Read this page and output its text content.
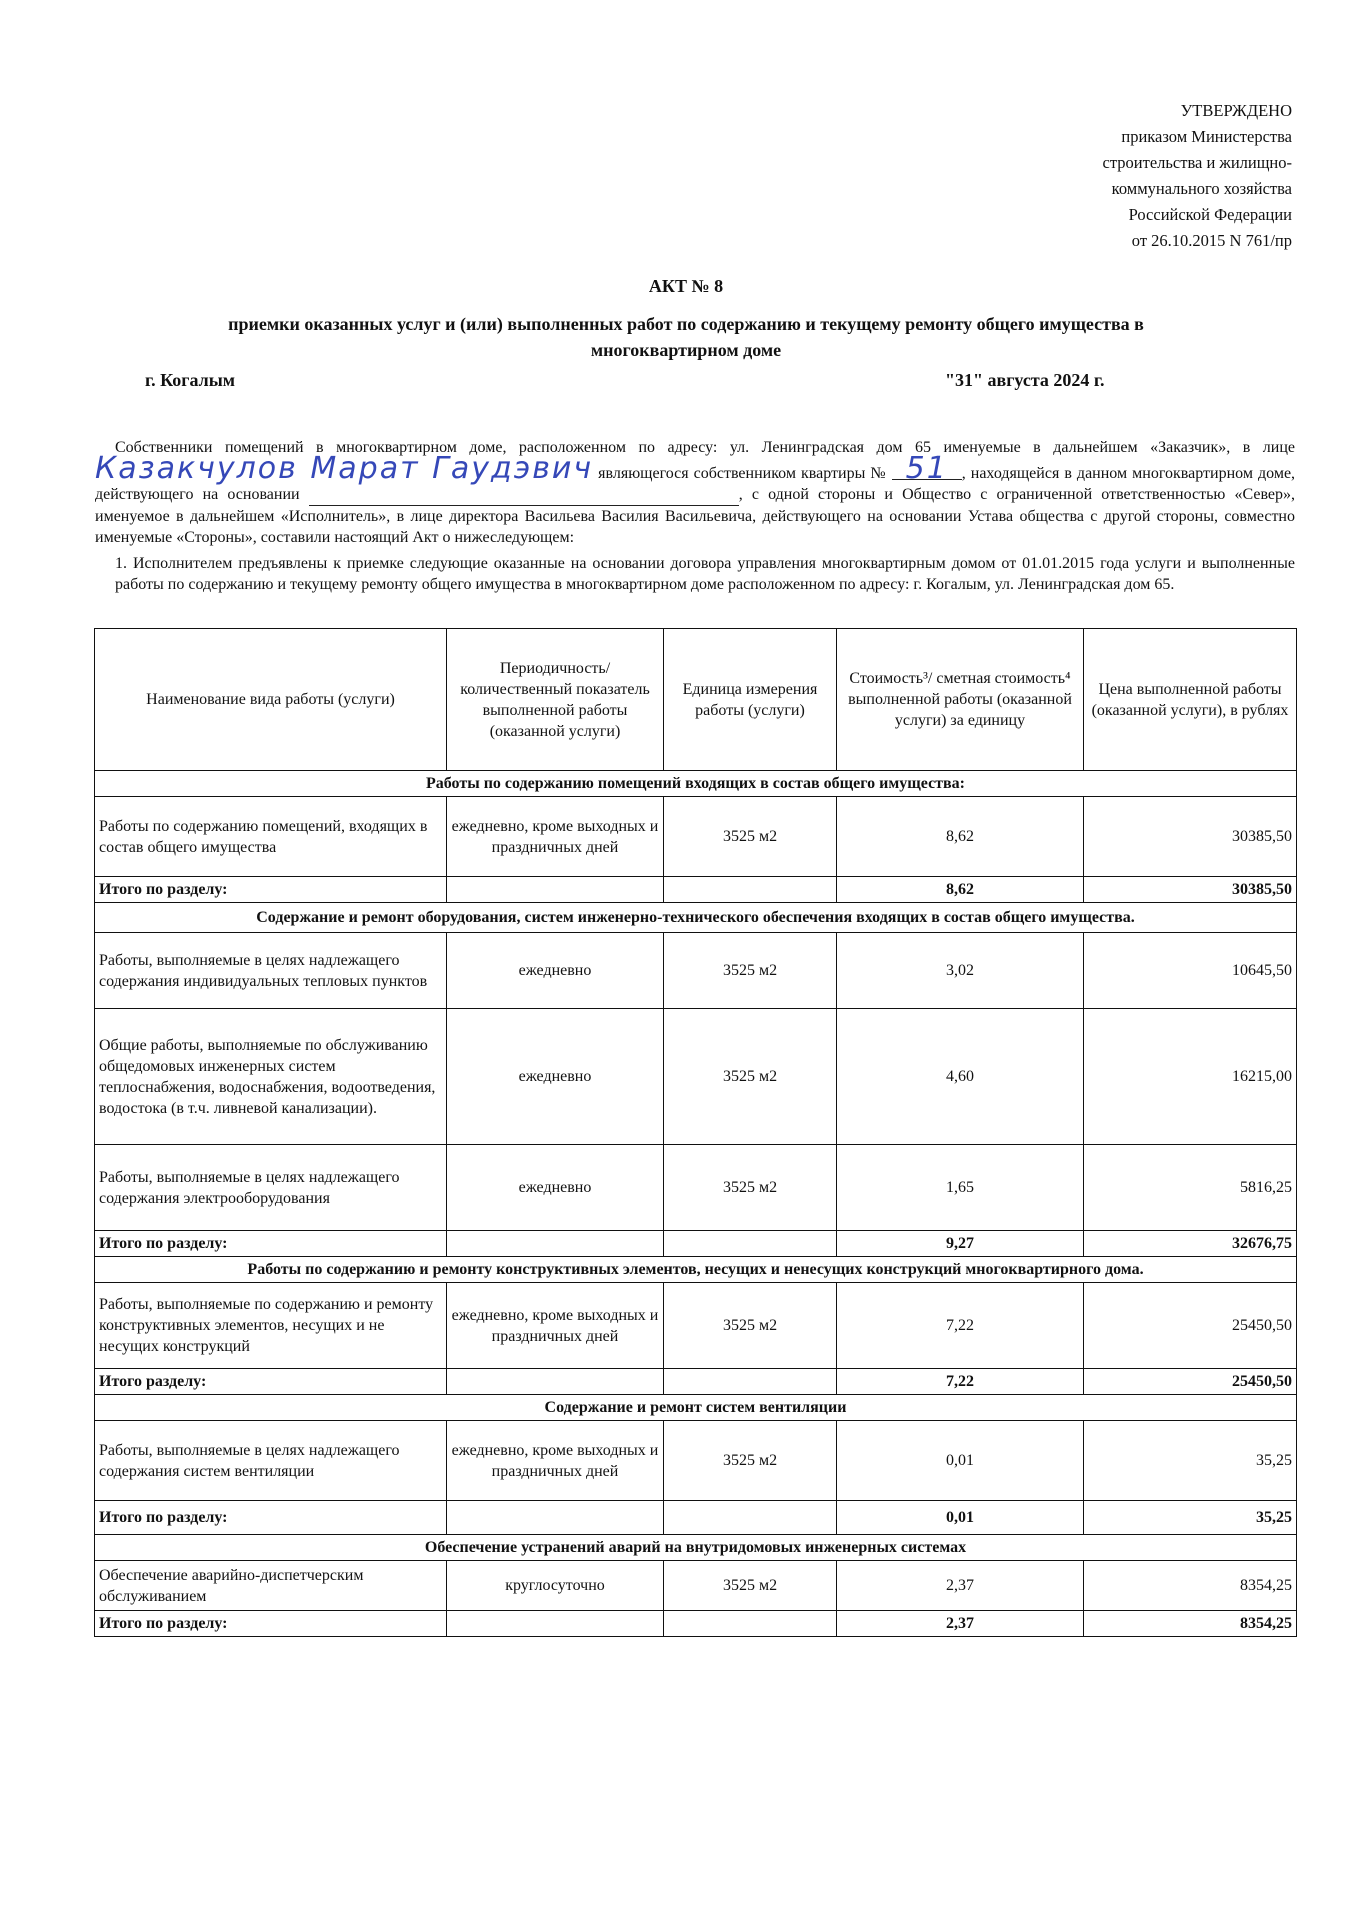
УТВЕРЖДЕНО
приказом Министерства
строительства и жилищно-
коммунального хозяйства
Российской Федерации
от 26.10.2015 N 761/пр
АКТ № 8
приемки оказанных услуг и (или) выполненных работ по содержанию и текущему ремонту общего имущества в многоквартирном доме
г. Когалым	"31" августа 2024 г.
Собственники помещений в многоквартирном доме, расположенном по адресу: ул. Ленинградская дом 65 именуемые в дальнейшем «Заказчик», в лице Казакчулов Марат Гаудэвич являющегося собственником квартиры № 51 , находящейся в данном многоквартирном доме, действующего на основании	, с одной стороны и Общество с ограниченной ответственностью «Север», именуемое в дальнейшем «Исполнитель», в лице директора Васильева Василия Васильевича, действующего на основании Устава общества с другой стороны, совместно именуемые «Стороны», составили настоящий Акт о нижеследующем:
1. Исполнителем предъявлены к приемке следующие оказанные на основании договора управления многоквартирным домом от 01.01.2015 года услуги и выполненные работы по содержанию и текущему ремонту общего имущества в многоквартирном доме расположенном по адресу: г. Когалым, ул. Ленинградская дом 65.
Наименование вида работы (услуги)	Периодичность/ количественный показатель выполненной работы (оказанной услуги)	Единица измерения работы (услуги)	Стоимость³/ сметная стоимость⁴ выполненной работы (оказанной услуги) за единицу	Цена выполненной работы (оказанной услуги), в рублях
Работы по содержанию помещений входящих в состав общего имущества:				
Работы по содержанию помещений, входящих в состав общего имущества	ежедневно, кроме выходных и праздничных дней	3525 м2	8,62	30385,50
Итого по разделу:			8,62	30385,50
Содержание и ремонт оборудования, систем инженерно-технического обеспечения входящих в состав общего имущества.				
Работы, выполняемые в целях надлежащего содержания индивидуальных тепловых пунктов	ежедневно	3525 м2	3,02	10645,50
Общие работы, выполняемые по обслуживанию общедомовых инженерных систем теплоснабжения, водоснабжения, водоотведения, водостока (в т.ч. ливневой канализации).	ежедневно	3525 м2	4,60	16215,00
Работы, выполняемые в целях надлежащего содержания электрооборудования	ежедневно	3525 м2	1,65	5816,25
Итого по разделу:			9,27	32676,75
Работы по содержанию и ремонту конструктивных элементов, несущих и ненесущих конструкций многоквартирного дома.				
Работы, выполняемые по содержанию и ремонту конструктивных элементов, несущих и не несущих конструкций	ежедневно, кроме выходных и праздничных дней	3525 м2	7,22	25450,50
Итого разделу:			7,22	25450,50
Содержание и ремонт систем вентиляции				
Работы, выполняемые в целях надлежащего содержания систем вентиляции	ежедневно, кроме выходных и праздничных дней	3525 м2	0,01	35,25
Итого по разделу:			0,01	35,25
Обеспечение устранений аварий на внутридомовых инженерных системах				
Обеспечение аварийно-диспетчерским обслуживанием	круглосуточно	3525 м2	2,37	8354,25
Итого по разделу:			2,37	8354,25
